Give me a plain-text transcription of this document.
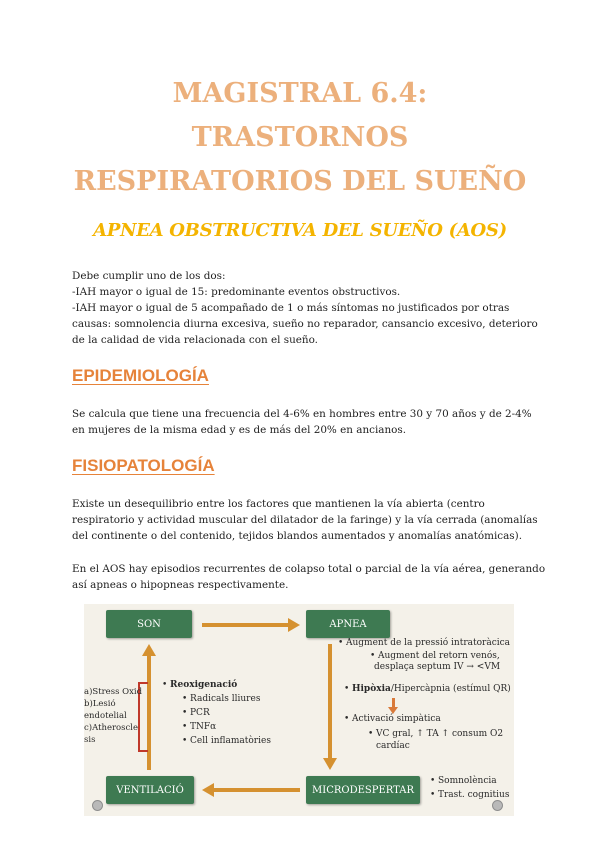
MAGISTRAL 6.4:
TRASTORNOS
RESPIRATORIOS DEL SUEÑO
APNEA OBSTRUCTIVA DEL SUEÑO (AOS)

Debe cumplir uno de los dos:
-IAH mayor o igual de 15: predominante eventos obstructivos.
-IAH mayor o igual de 5 acompañado de 1 o más síntomas no justificados por otras
causas: somnolencia diurna excesiva, sueño no reparador, cansancio excesivo, deterioro
de la calidad de vida relacionada con el sueño.

EPIDEMIOLOGÍA

Se calcula que tiene una frecuencia del 4-6% en hombres entre 30 y 70 años y de 2-4%
en mujeres de la misma edad y es de más del 20% en ancianos.

FISIOPATOLOGÍA

Existe un desequilibrio entre los factores que mantienen la vía abierta (centro
respiratorio y actividad muscular del dilatador de la faringe) y la vía cerrada (anomalías
del continente o del contenido, tejidos blandos aumentados y anomalías anatómicas).

En el AOS hay episodios recurrentes de colapso total o parcial de la vía aérea, generando
así apneas o hipopneas respectivamente.

SON	APNEA
VENTILACIÓ	MICRODESPERTAR
• Augment de la pressió intratoràcica
• Augment del retorn venós,
desplaça septum IV → <VM
• Hipòxia/Hipercàpnia (estímul QR)
• Activació simpàtica
• VC gral, ↑ TA ↑ consum O2
cardíac
• Somnolència
• Trast. cognitius
• Reoxigenació
• Radicals lliures
• PCR
• TNFα
• Cell inflamatòries
a)Stress Oxid
b)Lesió
endotelial
c)Atheroscle
sis
